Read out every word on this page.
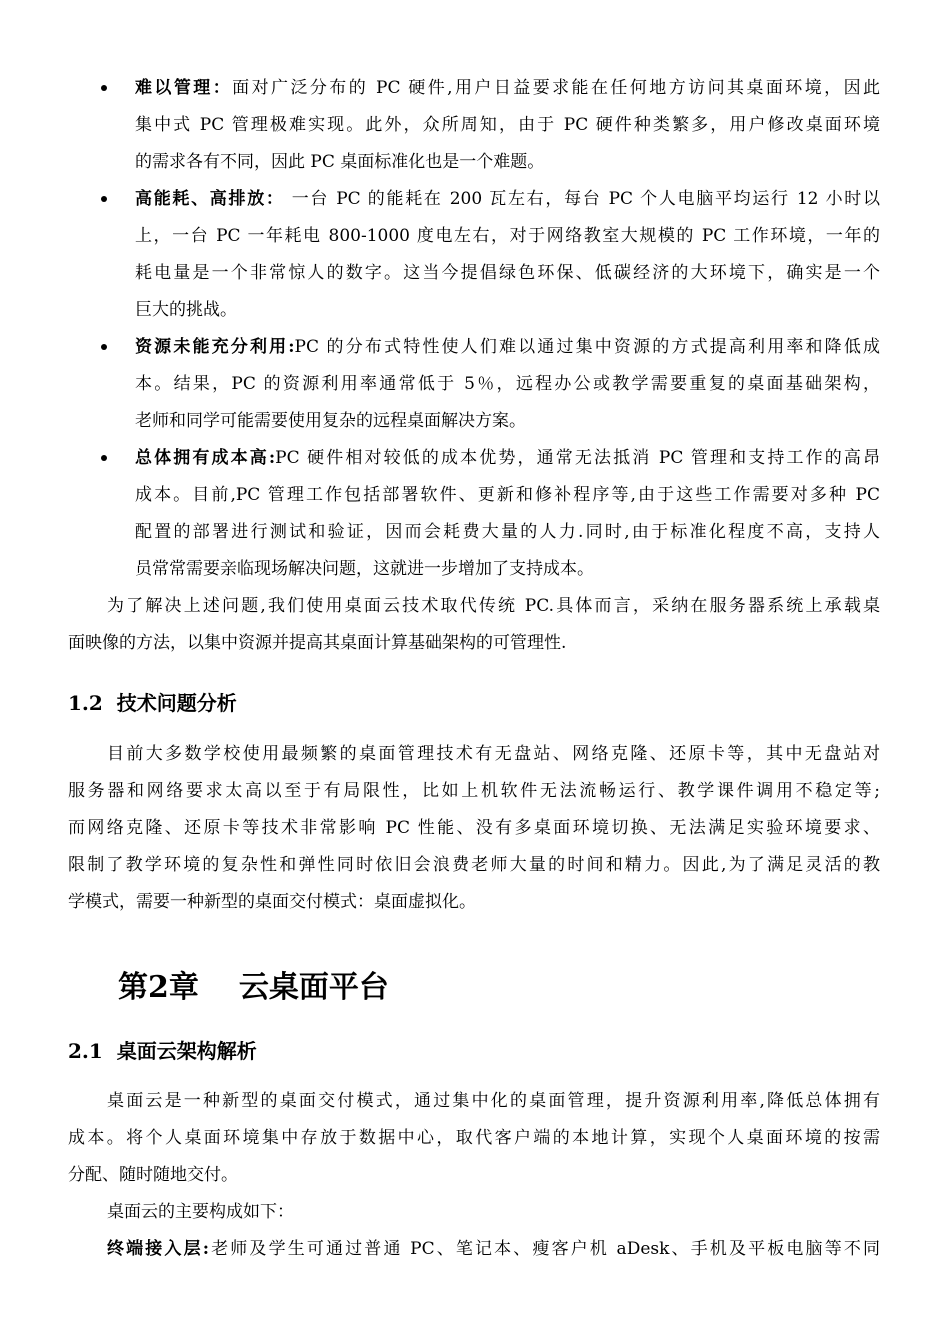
难以管理：面对广泛分布的 PC 硬件,用户日益要求能在任何地方访问其桌面环境，因此
集中式 PC 管理极难实现。此外，众所周知，由于 PC 硬件种类繁多，用户修改桌面环境
的需求各有不同，因此 PC 桌面标准化也是一个难题。
高能耗、高排放： 一台 PC 的能耗在 200 瓦左右，每台 PC 个人电脑平均运行 12 小时以
上，一台 PC 一年耗电 800-1000 度电左右，对于网络教室大规模的 PC 工作环境，一年的
耗电量是一个非常惊人的数字。这当今提倡绿色环保、低碳经济的大环境下，确实是一个
巨大的挑战。
资源未能充分利用:PC 的分布式特性使人们难以通过集中资源的方式提高利用率和降低成
本。结果，PC 的资源利用率通常低于 5％，远程办公或教学需要重复的桌面基础架构，
老师和同学可能需要使用复杂的远程桌面解决方案。
总体拥有成本高:PC 硬件相对较低的成本优势，通常无法抵消 PC 管理和支持工作的高昂
成本。目前,PC 管理工作包括部署软件、更新和修补程序等,由于这些工作需要对多种 PC
配置的部署进行测试和验证，因而会耗费大量的人力.同时,由于标准化程度不高，支持人
员常常需要亲临现场解决问题，这就进一步增加了支持成本。
为了解决上述问题,我们使用桌面云技术取代传统 PC.具体而言，采纳在服务器系统上承载桌
面映像的方法，以集中资源并提高其桌面计算基础架构的可管理性.
1.2 技术问题分析
目前大多数学校使用最频繁的桌面管理技术有无盘站、网络克隆、还原卡等，其中无盘站对
服务器和网络要求太高以至于有局限性，比如上机软件无法流畅运行、教学课件调用不稳定等;
而网络克隆、还原卡等技术非常影响 PC 性能、没有多桌面环境切换、无法满足实验环境要求、
限制了教学环境的复杂性和弹性同时依旧会浪费老师大量的时间和精力。因此,为了满足灵活的教
学模式，需要一种新型的桌面交付模式：桌面虚拟化。
第2章 云桌面平台
2.1 桌面云架构解析
桌面云是一种新型的桌面交付模式，通过集中化的桌面管理，提升资源利用率,降低总体拥有
成本。将个人桌面环境集中存放于数据中心，取代客户端的本地计算，实现个人桌面环境的按需
分配、随时随地交付。
桌面云的主要构成如下：
终端接入层:老师及学生可通过普通 PC、笔记本、瘦客户机 aDesk、手机及平板电脑等不同
